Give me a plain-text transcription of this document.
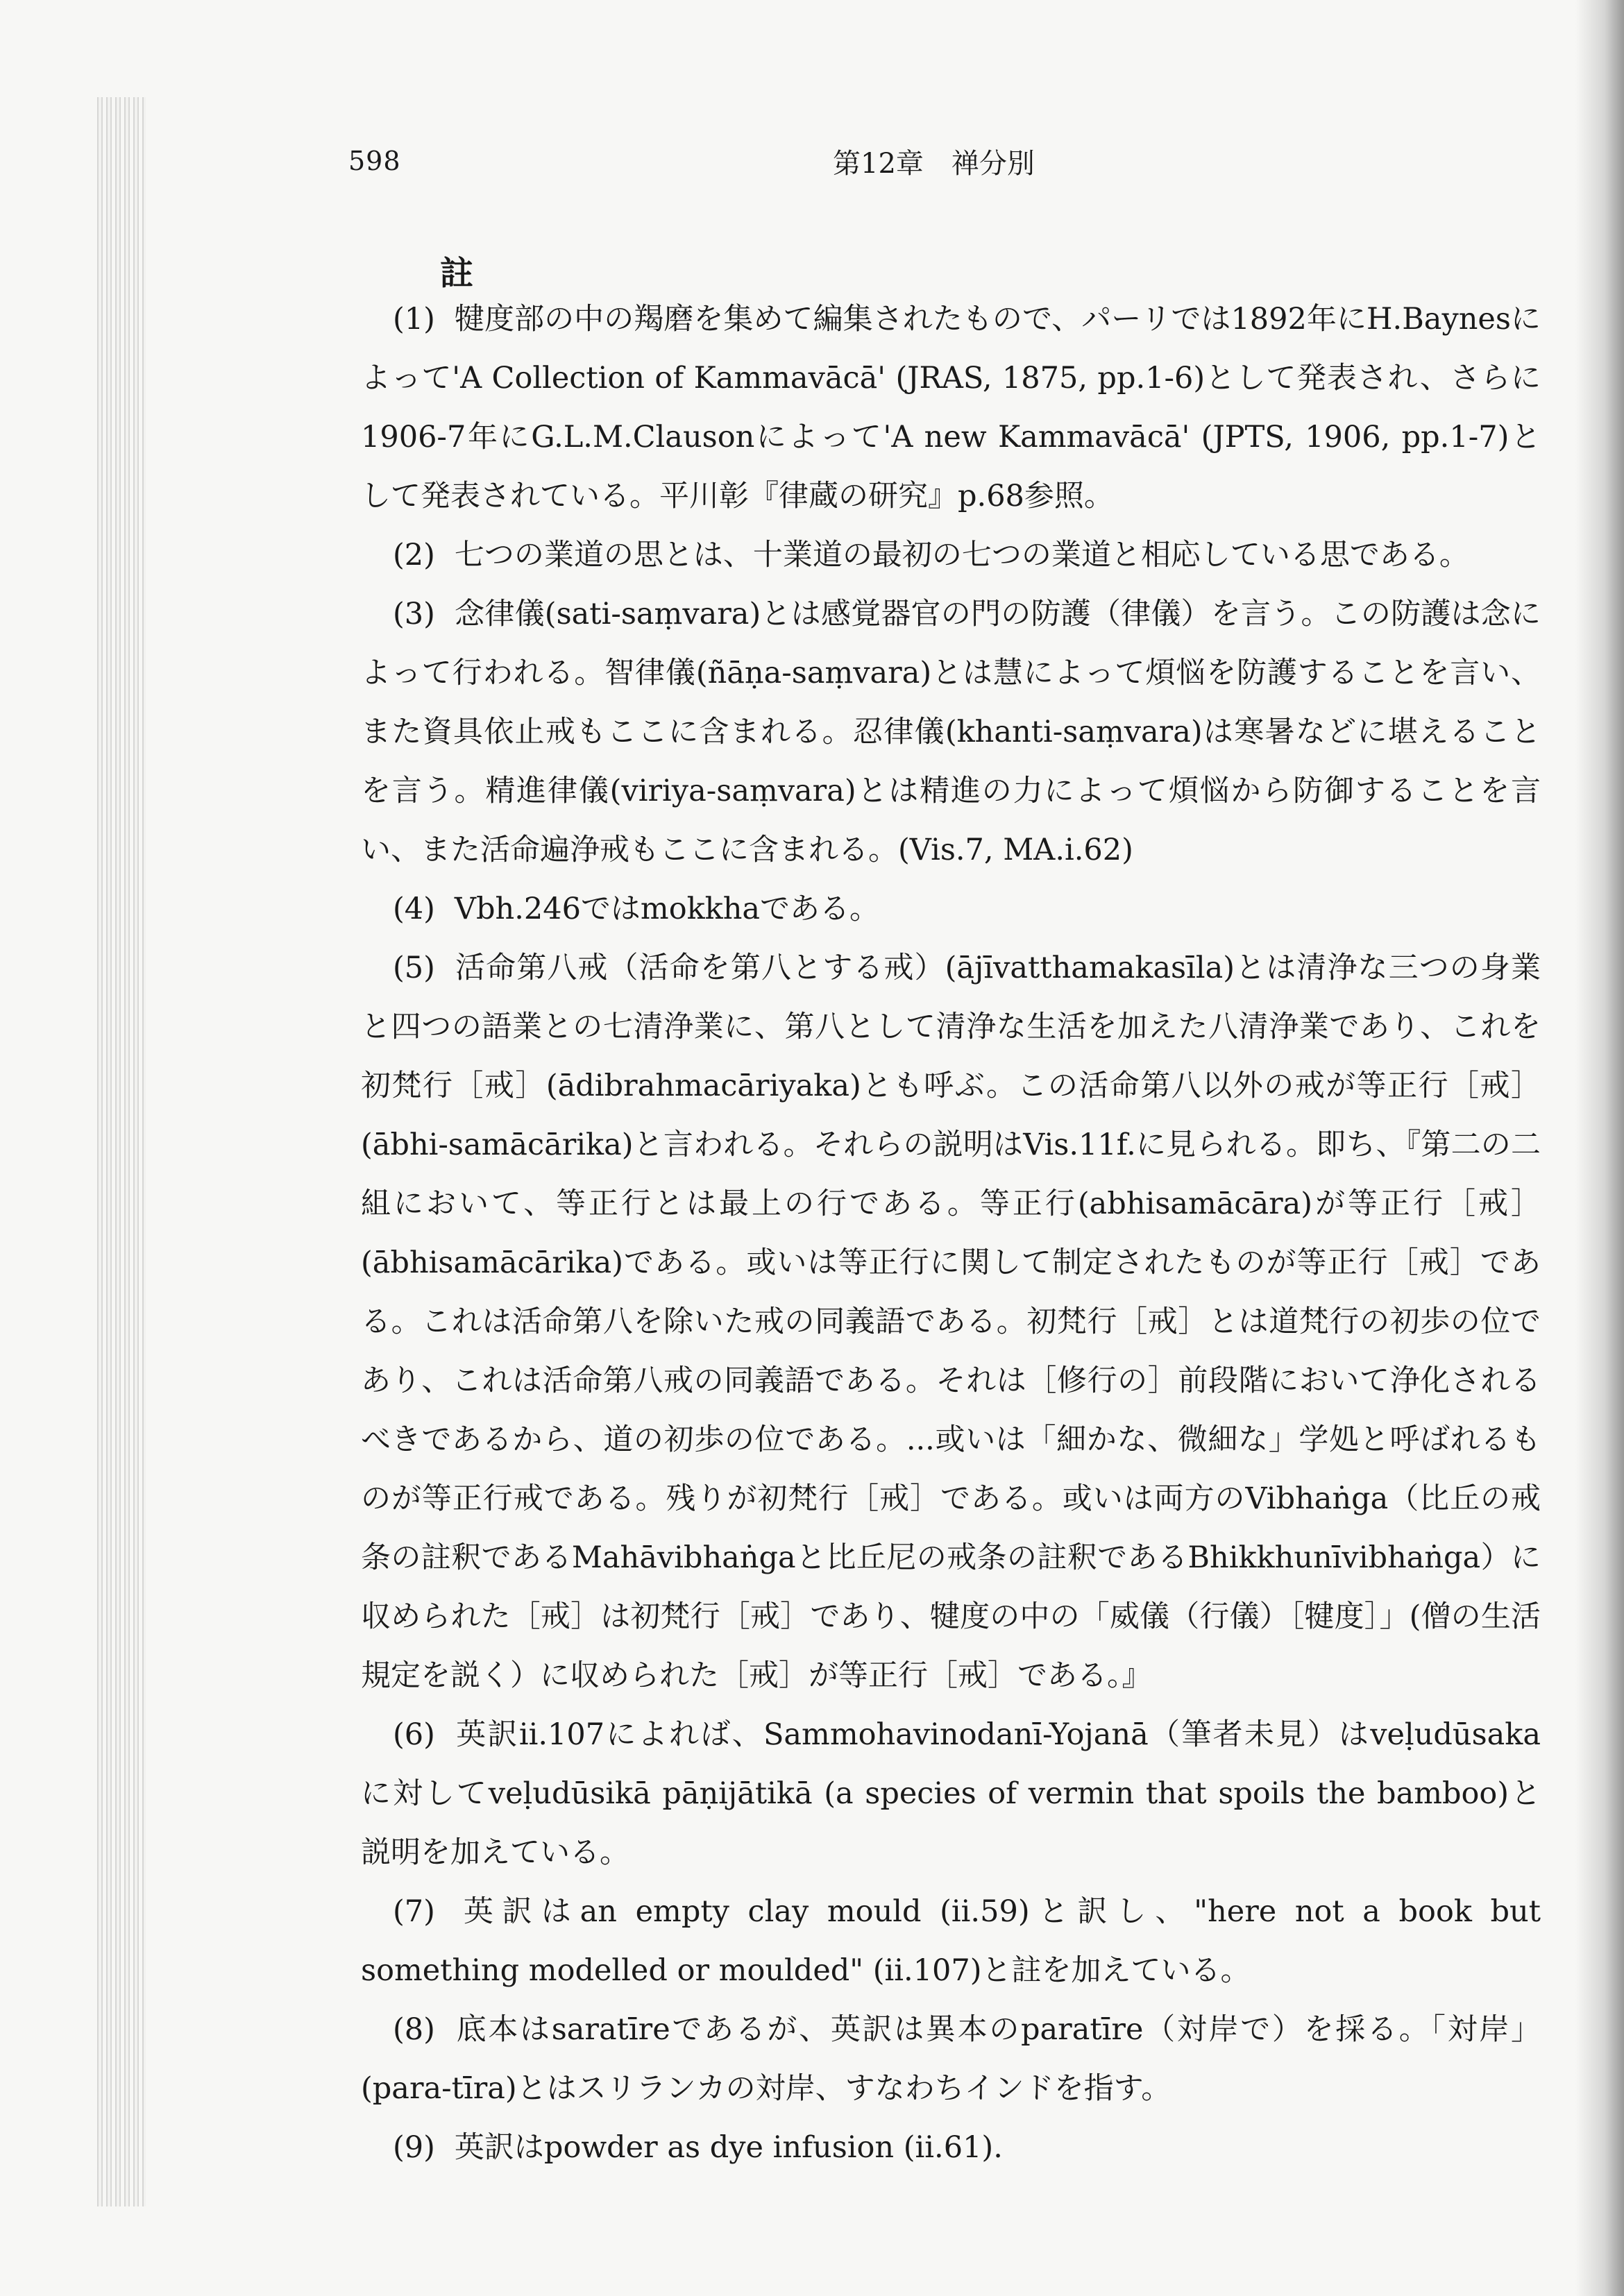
598	第12章　禅分別
註

(1) 犍度部の中の羯磨を集めて編集されたもので、パーリでは1892年にH.Baynesによって'A Collection of Kammavācā' (JRAS, 1875, pp.1-6)として発表され、さらに 1906-7年にG.L.M.Clausonによって'A new Kammavācā' (JPTS, 1906, pp.1-7)として発表されている。平川彰『律蔵の研究』p.68参照。

(2) 七つの業道の思とは、十業道の最初の七つの業道と相応している思である。

(3) 念律儀(sati-saṃvara)とは感覚器官の門の防護（律儀）を言う。この防護は念によって行われる。智律儀(ñāṇa-saṃvara)とは慧によって煩悩を防護することを言い、また資具依止戒もここに含まれる。忍律儀(khanti-saṃvara)は寒暑などに堪えることを言う。精進律儀(viriya-saṃvara)とは精進の力によって煩悩から防御することを言い、また活命遍浄戒もここに含まれる。(Vis.7, MA.i.62)

(4) Vbh.246ではmokkhaである。

(5) 活命第八戒（活命を第八とする戒）(ājīvatthamakasīla)とは清浄な三つの身業と四つの語業との七清浄業に、第八として清浄な生活を加えた八清浄業であり、これを初梵行［戒］(ādibrahmacāriyaka)とも呼ぶ。この活命第八以外の戒が等正行［戒］(ābhi-samācārika)と言われる。それらの説明はVis.11f.に見られる。即ち、『第二の二組において、等正行とは最上の行である。等正行(abhisamācāra)が等正行［戒］(ābhisamācārika)である。或いは等正行に関して制定されたものが等正行［戒］である。これは活命第八を除いた戒の同義語である。初梵行［戒］とは道梵行の初歩の位であり、これは活命第八戒の同義語である。それは［修行の］前段階において浄化されるべきであるから、道の初歩の位である。...或いは「細かな、微細な」学処と呼ばれるものが等正行戒である。残りが初梵行［戒］である。或いは両方のVibhaṅga（比丘の戒条の註釈であるMahāvibhaṅgaと比丘尼の戒条の註釈であるBhikkhunīvibhaṅga）に収められた［戒］は初梵行［戒］であり、犍度の中の「威儀（行儀）［犍度］」(僧の生活規定を説く）に収められた［戒］が等正行［戒］である。』

(6) 英訳ii.107によれば、Sammohavinodanī-Yojanā（筆者未見）はveḷudūsakaに対してveḷudūsikā pāṇijātikā (a species of vermin that spoils the bamboo)と説明を加えている。

(7) 英訳はan empty clay mould (ii.59)と訳し、"here not a book but something modelled or moulded" (ii.107)と註を加えている。

(8) 底本はsaratīreであるが、英訳は異本のparatīre（対岸で）を採る。「対岸」(para-tīra)とはスリランカの対岸、すなわちインドを指す。

(9) 英訳はpowder as dye infusion (ii.61).
